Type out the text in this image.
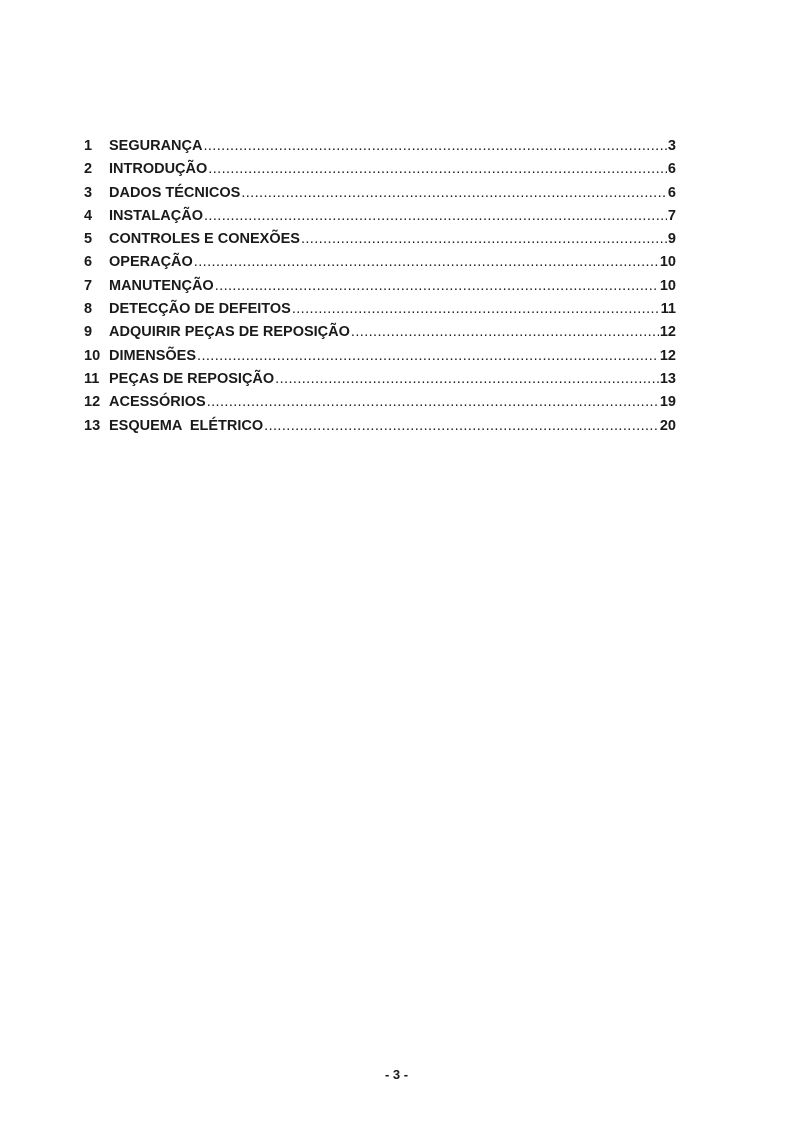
1	SEGURANÇA .....	3
2	INTRODUÇÃO .....	6
3	DADOS TÉCNICOS .....	6
4	INSTALAÇÃO .....	7
5	CONTROLES E CONEXÕES .....	9
6	OPERAÇÃO .....	10
7	MANUTENÇÃO .....	10
8	DETECÇÃO DE DEFEITOS .....	11
9	ADQUIRIR PEÇAS DE REPOSIÇÃO .....	12
10 DIMENSÕES .....	12
11 PEÇAS DE REPOSIÇÃO .....	13
12 ACESSÓRIOS .....	19
13 ESQUEMA  ELÉTRICO .....	20
- 3 -
